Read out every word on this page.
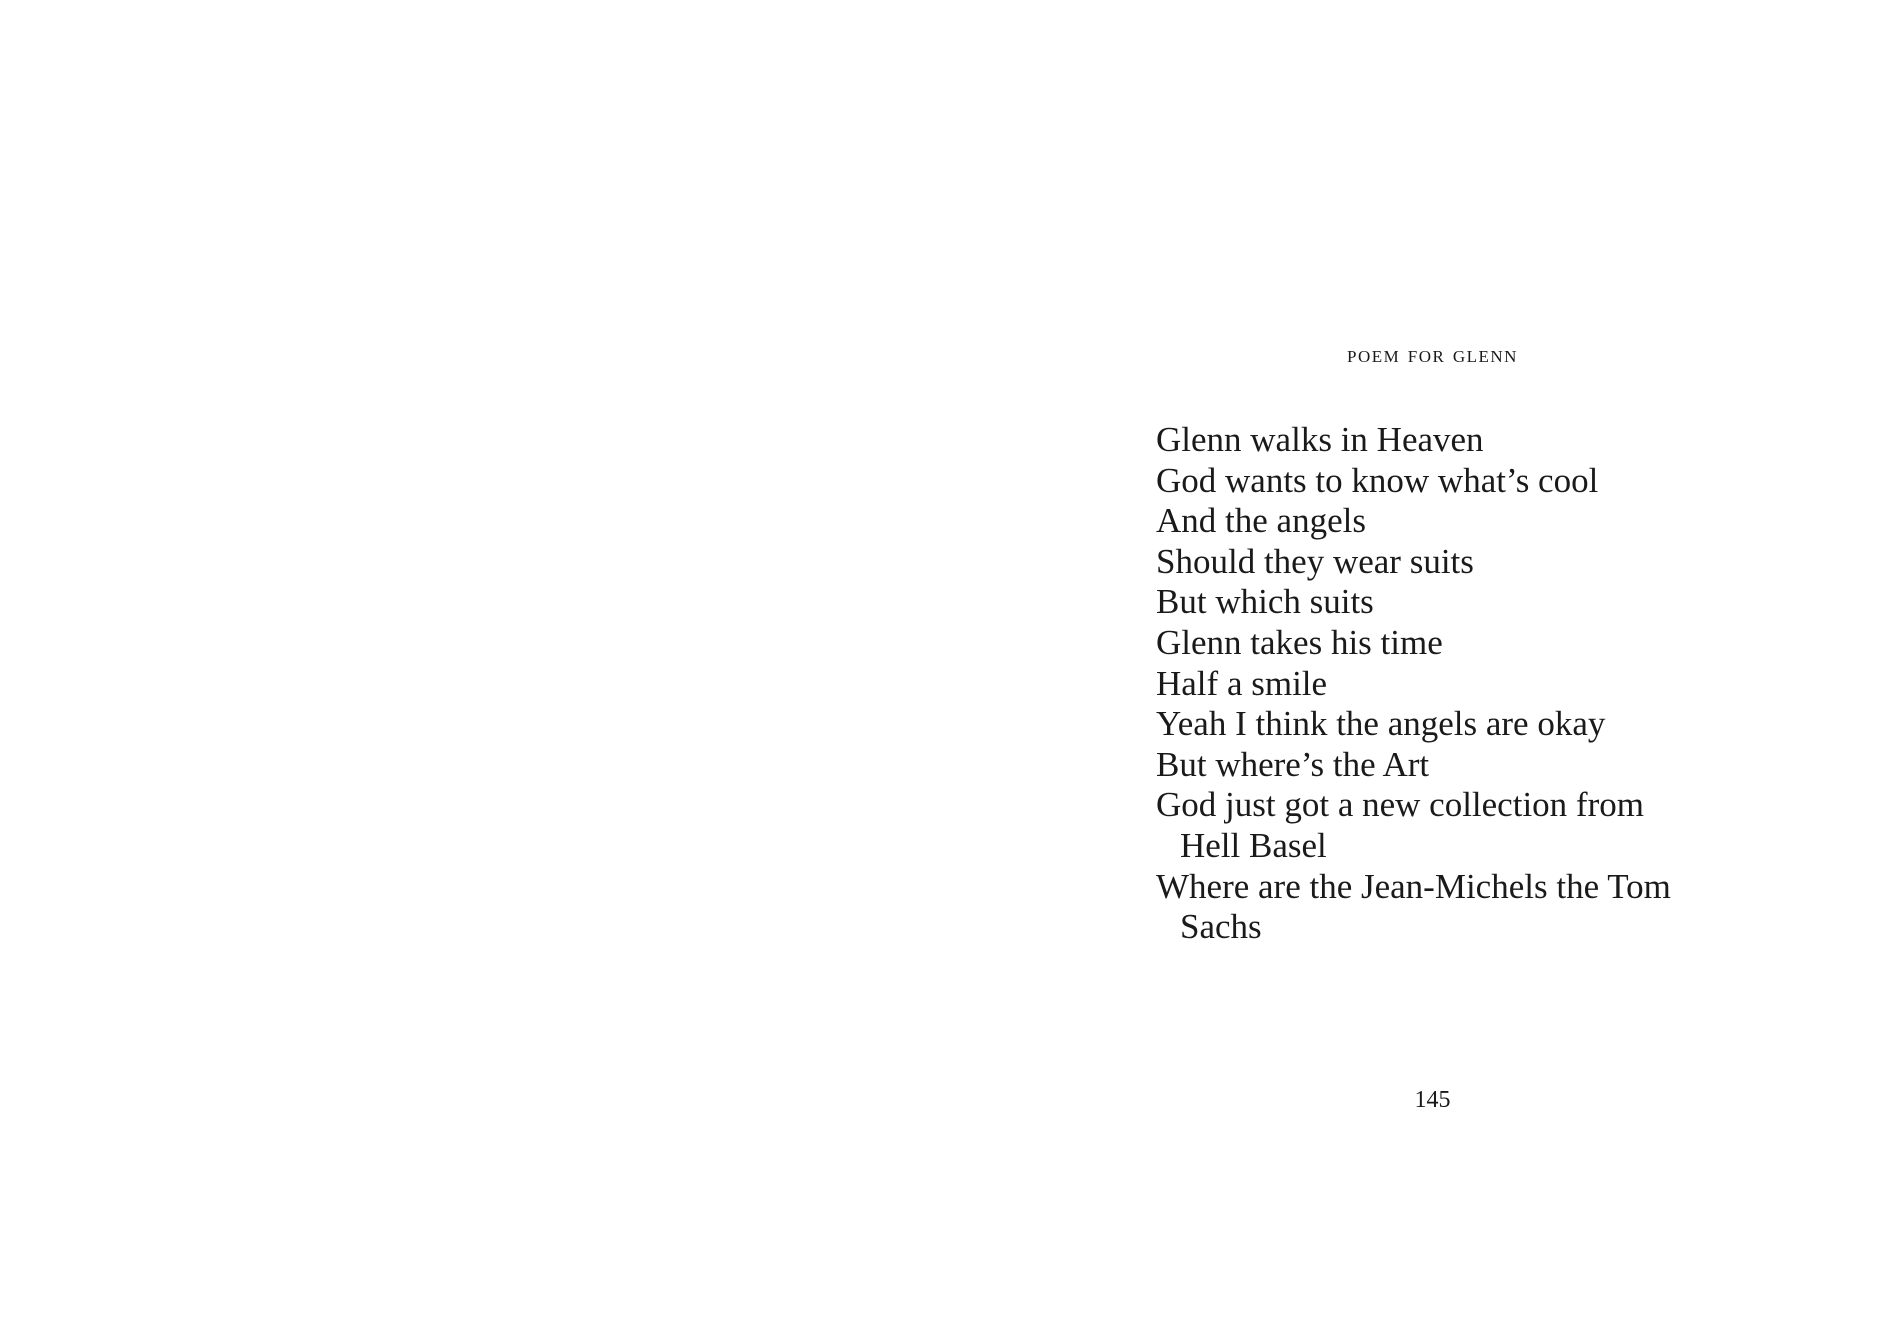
poem for glenn
Glenn walks in Heaven
God wants to know what’s cool
And the angels
Should they wear suits
But which suits
Glenn takes his time
Half a smile
Yeah I think the angels are okay
But where’s the Art
God just got a new collection from
Hell Basel
Where are the Jean-Michels the Tom
Sachs
145
